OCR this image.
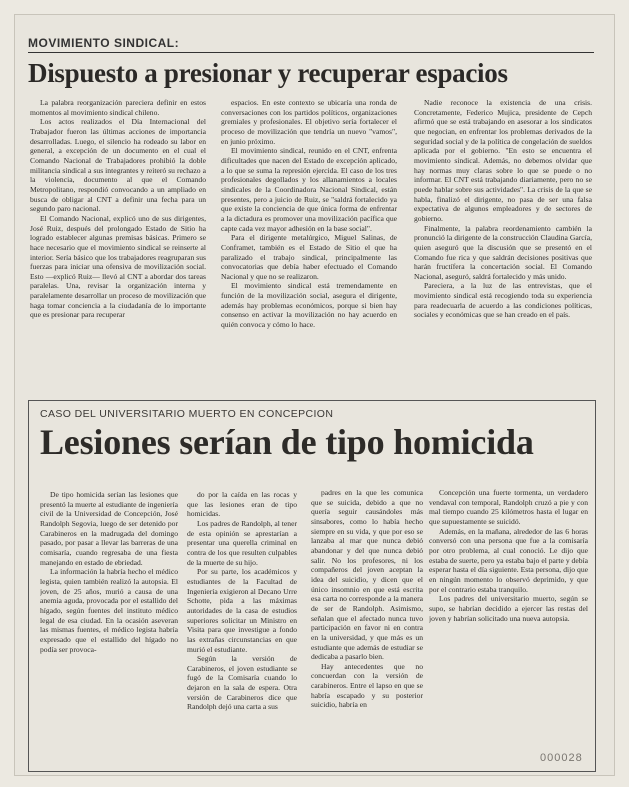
MOVIMIENTO SINDICAL:
Dispuesto a presionar y recuperar espacios

La palabra reorganización pareciera definir en estos momentos al movimiento sindical chileno.

Los actos realizados el Día Internacional del Trabajador fueron las últimas acciones de importancia desarrolladas. Luego, el silencio ha rodeado su labor en general, a excepción de un documento en el cual el Comando Nacional de Trabajadores prohibió la doble militancia sindical a sus integrantes y reiteró su rechazo a la violencia, documento al que el Comando Metropolitano, respondió convocando a un ampliado en busca de obligar al CNT a definir una fecha para un segundo paro nacional.

El Comando Nacional, explicó uno de sus dirigentes, José Ruiz, después del prolongado Estado de Sitio ha logrado establecer algunas premisas básicas. Primero se hace necesario que el movimiento sindical se reinserte al interior. Sería básico que los trabajadores reagruparan sus fuerzas para iniciar una ofensiva de movilización social. Esto —explicó Ruiz— llevó al CNT a abordar dos tareas paralelas. Una, revisar la organización interna y paralelamente desarrollar un proceso de movilización que haga tomar conciencia a la ciudadanía de lo importante que es presionar para recuperar

espacios. En este contexto se ubicaría una ronda de conversaciones con los partidos políticos, organizaciones gremiales y profesionales. El objetivo sería fortalecer el proceso de movilización que tendría un nuevo "vamos", en junio próximo.

El movimiento sindical, reunido en el CNT, enfrenta dificultades que nacen del Estado de excepción aplicado, a lo que se suma la represión ejercida. El caso de los tres profesionales degollados y los allanamientos a locales sindicales de la Coordinadora Nacional Sindical, están presentes, pero a juicio de Ruiz, se "saldrá fortalecido ya que existe la conciencia de que única forma de enfrentar a la dictadura es promover una movilización pacífica que capte cada vez mayor adhesión en la base social".

Para el dirigente metalúrgico, Miguel Salinas, de Conframet, también es el Estado de Sitio el que ha paralizado el trabajo sindical, principalmente las convocatorias que debía haber efectuado el Comando Nacional y que no se realizaron.

El movimiento sindical está tremendamente en función de la movilización social, asegura el dirigente, además hay problemas económicos, porque si bien hay consenso en activar la movilización no hay acuerdo en quién convoca y cómo lo hace.

Nadie reconoce la existencia de una crisis. Concretamente, Federico Mujica, presidente de Cepch afirmó que se está trabajando en asesorar a los sindicatos que negocian, en enfrentar los problemas derivados de la seguridad social y de la política de congelación de sueldos aplicada por el gobierno. "En esto se encuentra el movimiento sindical. Además, no debemos olvidar que hay normas muy claras sobre lo que se puede o no informar. El CNT está trabajando diariamente, pero no se puede hablar sobre sus actividades". La crisis de la que se habla, finalizó el dirigente, no pasa de ser una falsa expectativa de algunos empleadores y de sectores de gobierno.

Finalmente, la palabra reordenamiento cambién la pronunció la dirigente de la construcción Claudina García, quien aseguró que la discusión que se presentó en el Comando fue rica y que saldrán decisiones positivas que harán fructífera la concertación social. El Comando Nacional, aseguró, saldrá fortalecido y más unido.

Pareciera, a la luz de las entrevistas, que el movimiento sindical está recogiendo toda su experiencia para readecuarla de acuerdo a las condiciones políticas, sociales y económicas que se han creado en el país.

CASO DEL UNIVERSITARIO MUERTO EN CONCEPCION
Lesiones serían de tipo homicida

De tipo homicida serían las lesiones que presentó la muerte al estudiante de ingeniería civil de la Universidad de Concepción, José Randolph Segovia, luego de ser detenido por Carabineros en la madrugada del domingo pasado, por pasar a llevar las barreras de una comisaría, cuando regresaba de una fiesta manejando en estado de ebriedad.

La información la habría hecho el médico legista, quien también realizó la autopsia. El joven, de 25 años, murió a causa de una anemia aguda, provocada por el estallido del hígado, según fuentes del instituto médico legal de esa ciudad. En la ocasión aseveran las mismas fuentes, el médico legista habría expresado que el estallido del hígado no podía ser provoca-

do por la caída en las rocas y que las lesiones eran de tipo homicidas.

Los padres de Randolph, al tener de esta opinión se aprestarían a presentar una querella criminal en contra de los que resulten culpables de la muerte de su hijo.

Por su parte, los académicos y estudiantes de la Facultad de Ingeniería exigieron al Decano Urre Schotte, pida a las máximas autoridades de la casa de estudios superiores solicitar un Ministro en Visita para que investigue a fondo las extrañas circunstancias en que murió el estudiante.

Según la versión de Carabineros, el joven estudiante se fugó de la Comisaría cuando lo dejaron en la sala de espera. Otra versión de Carabineros dice que Randolph dejó una carta a sus

padres en la que les comunica que se suicida, debido a que no quería seguir causándoles más sinsabores, como lo había hecho siempre en su vida, y que por eso se lanzaba al mar que nunca debió abandonar y del que nunca debió salir. No los profesores, ni los compañeros del joven aceptan la idea del suicidio, y dicen que el único insomnio en que está escrita esa carta no corresponde a la manera de ser de Randolph. Asimismo, señalan que el afectado nunca tuvo participación en favor ni en contra en la universidad, y que más es un estudiante que además de estudiar se dedicaba a pasarlo bien.

Hay antecedentes que no concuerdan con la versión de carabineros. Entre el lapso en que se habría escapado y su posterior suicidio, habría en

Concepción una fuerte tormenta, un verdadero vendaval con temporal, Randolph cruzó a pie y con mal tiempo cuando 25 kilómetros hasta el lugar en que supuestamente se suicidó.

Además, en la mañana, alrededor de las 6 horas conversó con una persona que fue a la comisaría por otro problema, al cual conoció. Le dijo que estaba de suerte, pero ya estaba bajo el parte y debía esperar hasta el día siguiente. Esta persona, dijo que en ningún momento lo observó deprimido, y que por el contrario estaba tranquilo.

Los padres del universitario muerto, según se supo, se habrían decidido a ejercer las restas del joven y habrían solicitado una nueva autopsia.

000028
